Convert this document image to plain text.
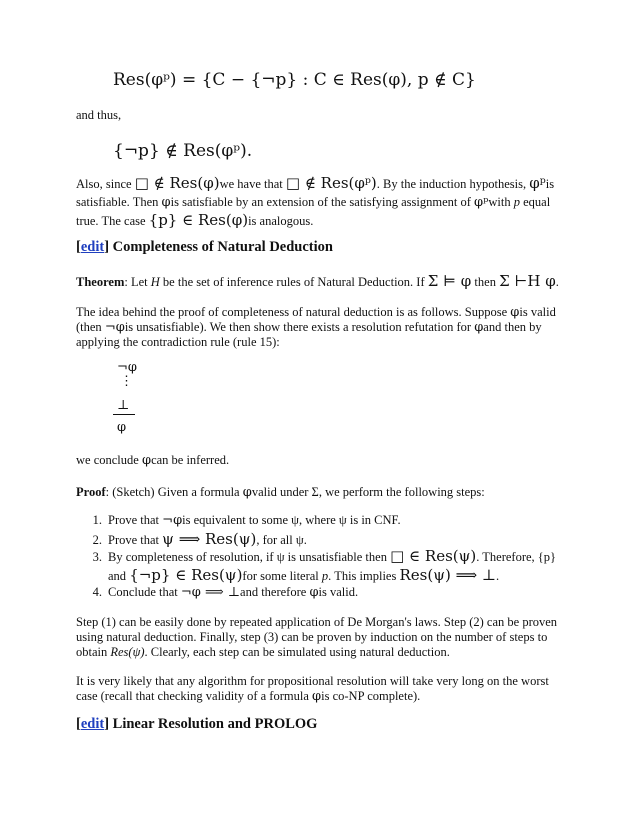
Res(φᵖ) = {C − {¬p} : C ∈ Res(φ), p ∉ C}
and thus,
{¬p} ∉ Res(φᵖ).
Also, since □ ∉ Res(φ)we have that □ ∉ Res(φᵖ). By the induction hypothesis, φᵖis
satisfiable. Then φis satisfiable by an extension of the satisfying assignment of φᵖwith p equal
true. The case {p} ∈ Res(φ)is analogous.
[edit] Completeness of Natural Deduction
Theorem: Let H be the set of inference rules of Natural Deduction. If Σ ⊨ φ then Σ ⊢H φ.
The idea behind the proof of completeness of natural deduction is as follows. Suppose φis valid
(then ¬φis unsatisfiable). We then show there exists a resolution refutation for φand then by
applying the contradiction rule (rule 15):
¬φ
⋮
⊥
φ
we conclude φcan be inferred.
Proof: (Sketch) Given a formula φvalid under Σ, we perform the following steps:
1. Prove that ¬φis equivalent to some ψ, where ψ is in CNF.
2. Prove that ψ ⟹ Res(ψ), for all ψ.
3. By completeness of resolution, if ψ is unsatisfiable then □ ∈ Res(ψ). Therefore, {p}
and {¬p} ∈ Res(ψ)for some literal p. This implies Res(ψ) ⟹ ⊥.
4. Conclude that ¬φ ⟹ ⊥and therefore φis valid.
Step (1) can be easily done by repeated application of De Morgan's laws. Step (2) can be proven
using natural deduction. Finally, step (3) can be proven by induction on the number of steps to
obtain Res(ψ). Clearly, each step can be simulated using natural deduction.
It is very likely that any algorithm for propositional resolution will take very long on the worst
case (recall that checking validity of a formula φis co-NP complete).
[edit] Linear Resolution and PROLOG
